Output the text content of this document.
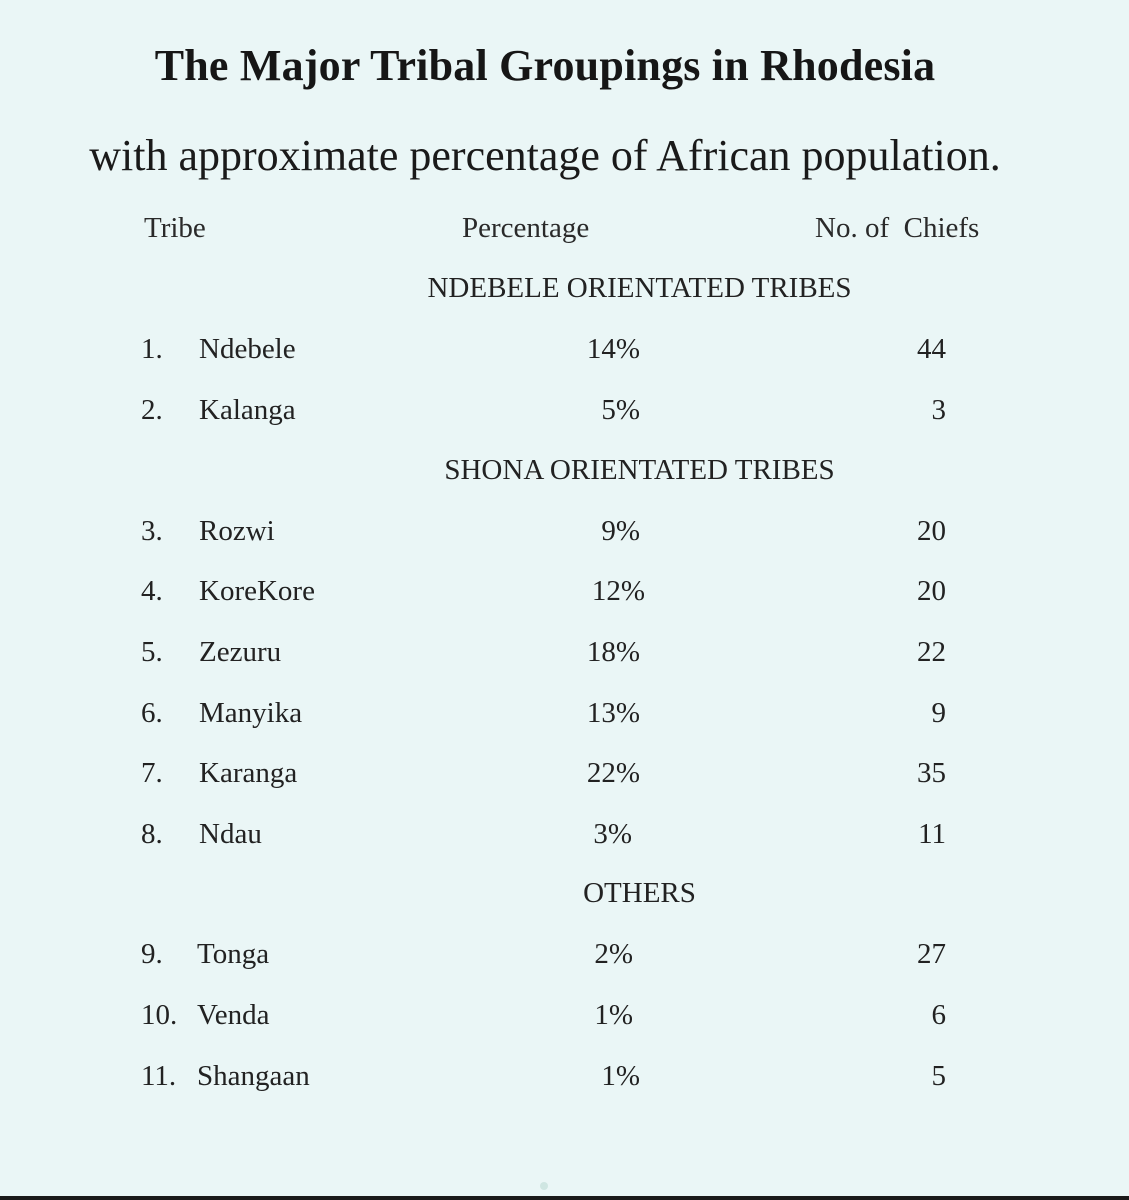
The Major Tribal Groupings in Rhodesia
with approximate percentage of African population.
Tribe	Percentage	No. of  Chiefs
NDEBELE ORIENTATED TRIBES
1.	Ndebele	14%	44
2.	Kalanga	5%	3
SHONA ORIENTATED TRIBES
3.	Rozwi	9%	20
4.	KoreKore	12%	20
5.	Zezuru	18%	22
6.	Manyika	13%	9
7.	Karanga	22%	35
8.	Ndau	3%	11
OTHERS
9.	Tonga	2%	27
10. Venda	1%	6
11. Shangaan	1%	5
